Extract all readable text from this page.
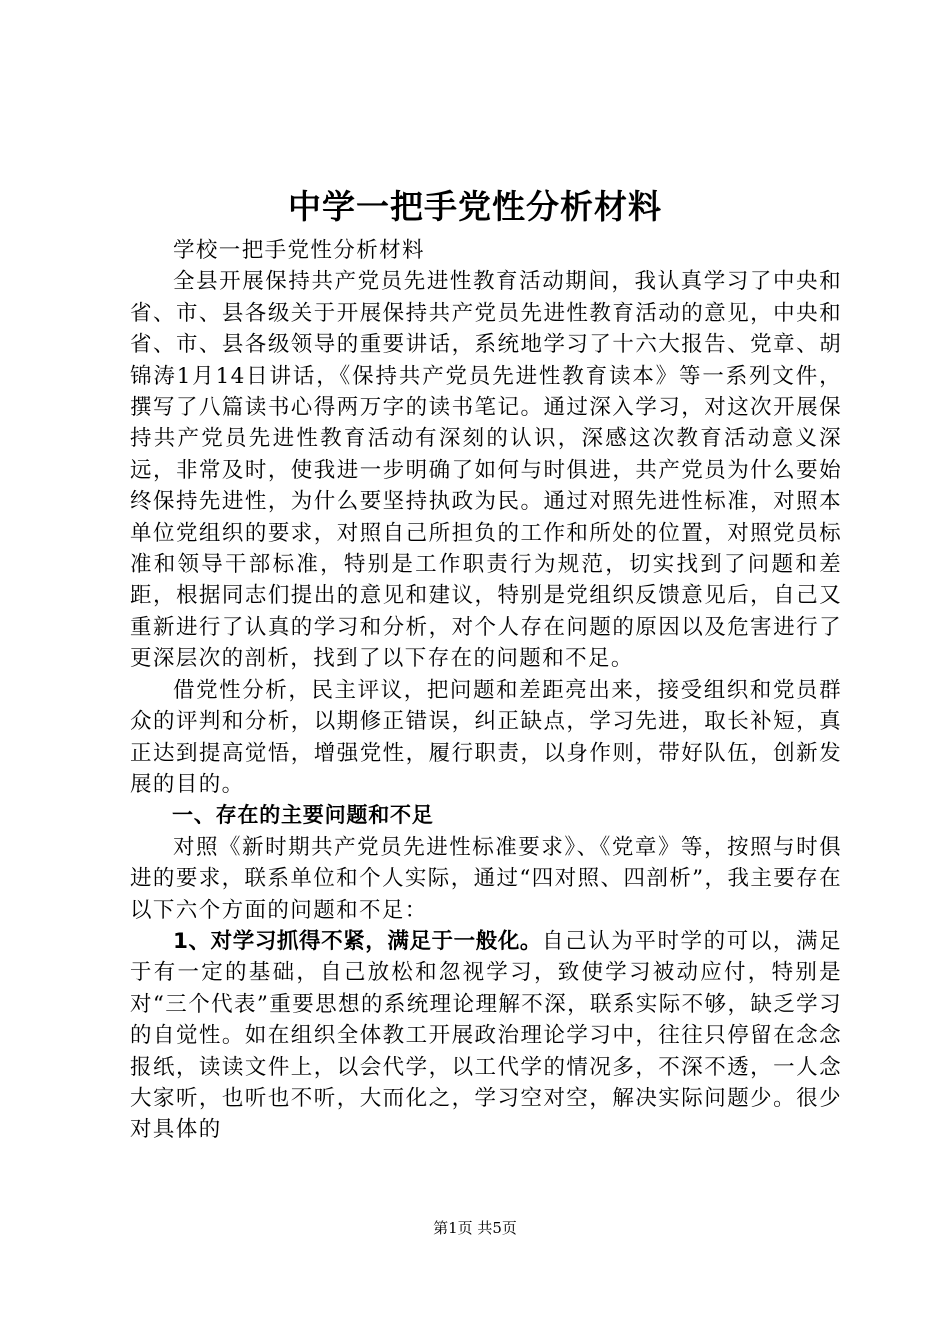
中学一把手党性分析材料

学校一把手党性分析材料

全县开展保持共产党员先进性教育活动期间，我认真学习了中央和省、市、县各级关于开展保持共产党员先进性教育活动的意见，中央和省、市、县各级领导的重要讲话，系统地学习了十六大报告、党章、胡锦涛1月14日讲话，《保持共产党员先进性教育读本》等一系列文件，撰写了八篇读书心得两万字的读书笔记。通过深入学习，对这次开展保持共产党员先进性教育活动有深刻的认识，深感这次教育活动意义深远，非常及时，使我进一步明确了如何与时俱进，共产党员为什么要始终保持先进性，为什么要坚持执政为民。通过对照先进性标准，对照本单位党组织的要求，对照自己所担负的工作和所处的位置，对照党员标准和领导干部标准，特别是工作职责行为规范，切实找到了问题和差距，根据同志们提出的意见和建议，特别是党组织反馈意见后，自己又重新进行了认真的学习和分析，对个人存在问题的原因以及危害进行了更深层次的剖析，找到了以下存在的问题和不足。

借党性分析，民主评议，把问题和差距亮出来，接受组织和党员群众的评判和分析，以期修正错误，纠正缺点，学习先进，取长补短，真正达到提高觉悟，增强党性，履行职责，以身作则，带好队伍，创新发展的目的。

一、存在的主要问题和不足

对照《新时期共产党员先进性标准要求》、《党章》等，按照与时俱进的要求，联系单位和个人实际，通过“四对照、四剖析”，我主要存在以下六个方面的问题和不足：

1、对学习抓得不紧，满足于一般化。自己认为平时学的可以，满足于有一定的基础，自己放松和忽视学习，致使学习被动应付，特别是对“三个代表”重要思想的系统理论理解不深，联系实际不够，缺乏学习的自觉性。如在组织全体教工开展政治理论学习中，往往只停留在念念报纸，读读文件上，以会代学，以工代学的情况多，不深不透，一人念大家听，也听也不听，大而化之，学习空对空，解决实际问题少。很少对具体的

第1页 共5页
